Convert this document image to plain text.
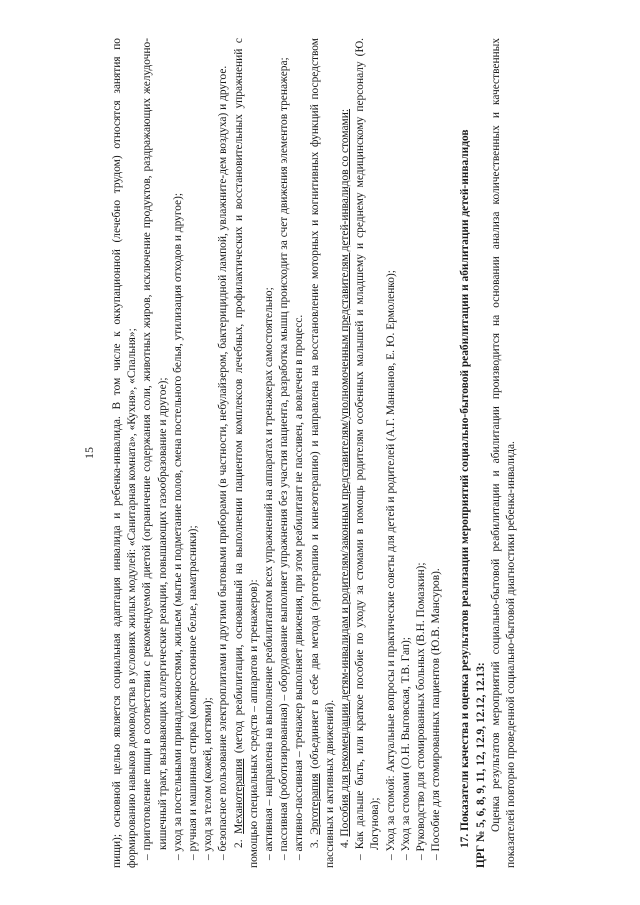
15 пищи); основной целью является социальная адаптация инвалида и ребенка-инвалида. В том числе к оккупационной (лечебно трудом) относятся занятия по формированию навыков домоводства в условиях жилых модулей: «Санитарная комната», «Кухня», «Спальня»; – приготовление пищи в соответствии с рекомендуемой диетой (ограничение содержания соли, животных жиров, исключение продуктов, раздражающих желудочно-кишечный тракт, вызывающих аллергические реакции, повышающих газообразование и другое); – уход за постельными принадлежностями, жильем (мытье и подметание полов, смена постельного белья, утилизация отходов и другое); – ручная и машинная стирка (компрессионное белье, наматрасники); – уход за телом (кожей, ногтями); – безопасное пользование электроплитами и другими бытовыми приборами (в частности, небулайзером, бактерицидной лампой, увлажните-дем воздуха) и другое. 2. Механотерапия (метод реабилитации, основанный на выполнении пациентом комплексов лечебных, профилактических и восстановительных упражнений с помощью специальных средств – аппаратов и тренажеров): – активная – направлена на выполнение реабилитантом всех упражнений на аппаратах и тренажерах самостоятельно; – пассивная (роботизированная) – оборудование выполняет упражнения без участия пациента, разработка мышц происходит за счет движения элементов тренажера; – активно-пассивная – тренажер выполняет движения, при этом реабилитант не пассивен, а вовлечен в процесс. 3. Эрготерапия (объединяет в себе два метода (эрготерапию и кинезотерапию) и направлена на восстановление моторных и когнитивных функций посредством пассивных и активных движений). 4. Пособия для рекомендации детям-инвалидам и родителям/законным представителям/уполномоченным представителям детей-инвалидов со стомами: – Как дальше быть, или краткое пособие по уходу за стомами в помощь родителям особенных малышей и младшему и среднему медицинскому персоналу (Ю. Логунова); – Уход за стомой: Актуальные вопросы и практические советы для детей и родителей (А.Г. Маннанов, Е. Ю. Ермоленко); – Уход за стомами (О.Н. Выговская, Т.В. Гап); – Руководство для стомированных больных (В.Н. Помазкин); – Пособие для стомированных пациентов (Ю.В. Мансуров). 17. Показатели качества и оценка результатов реализации мероприятий социально-бытовой реабилитации и абилитации детей-инвалидов ЦРГ № 5, 6, 8, 9, 11, 12, 12.9, 12.12, 12.13: Оценка результатов мероприятий социально-бытовой реабилитации и абилитации производится на основании анализа количественных и качественных показателей повторно проведенной социально-бытовой диагностики ребенка-инвалида.
